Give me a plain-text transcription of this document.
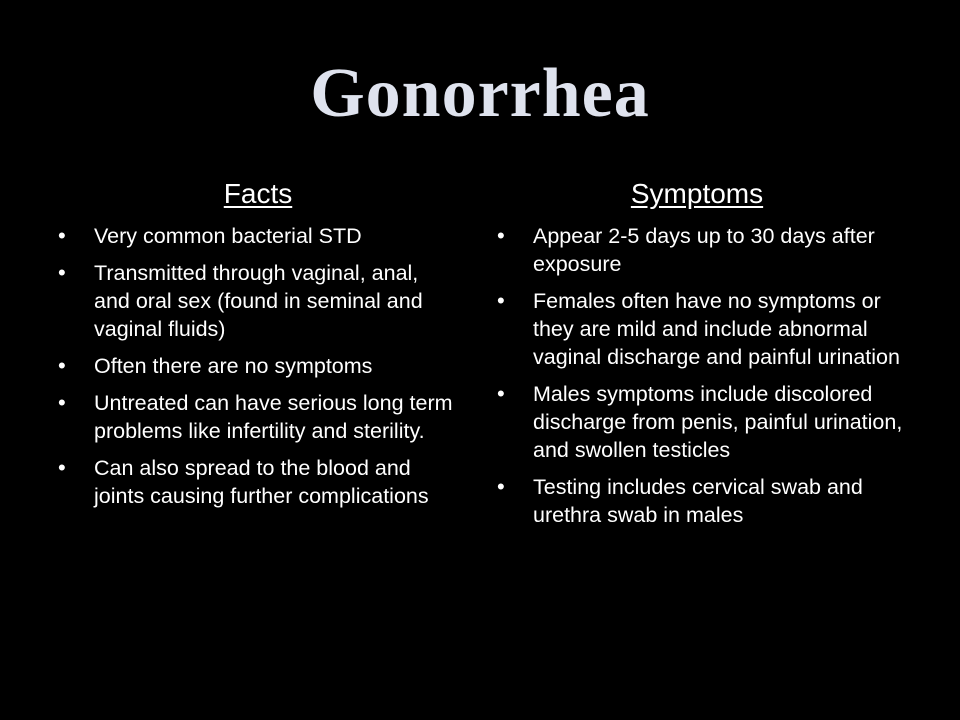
Gonorrhea
Facts
•	Very common bacterial STD
•	Transmitted through vaginal, anal, and oral sex (found in seminal and vaginal fluids)
•	Often there are no symptoms
•	Untreated can have serious long term problems like infertility and sterility.
•	Can also spread to the blood and joints causing further complications
Symptoms
•	Appear 2-5 days up to 30 days after exposure
•	Females often have no symptoms or they are mild and include abnormal vaginal discharge and painful urination
•	Males symptoms include discolored discharge from penis, painful urination, and swollen testicles
•	Testing includes cervical swab and urethra swab in males
